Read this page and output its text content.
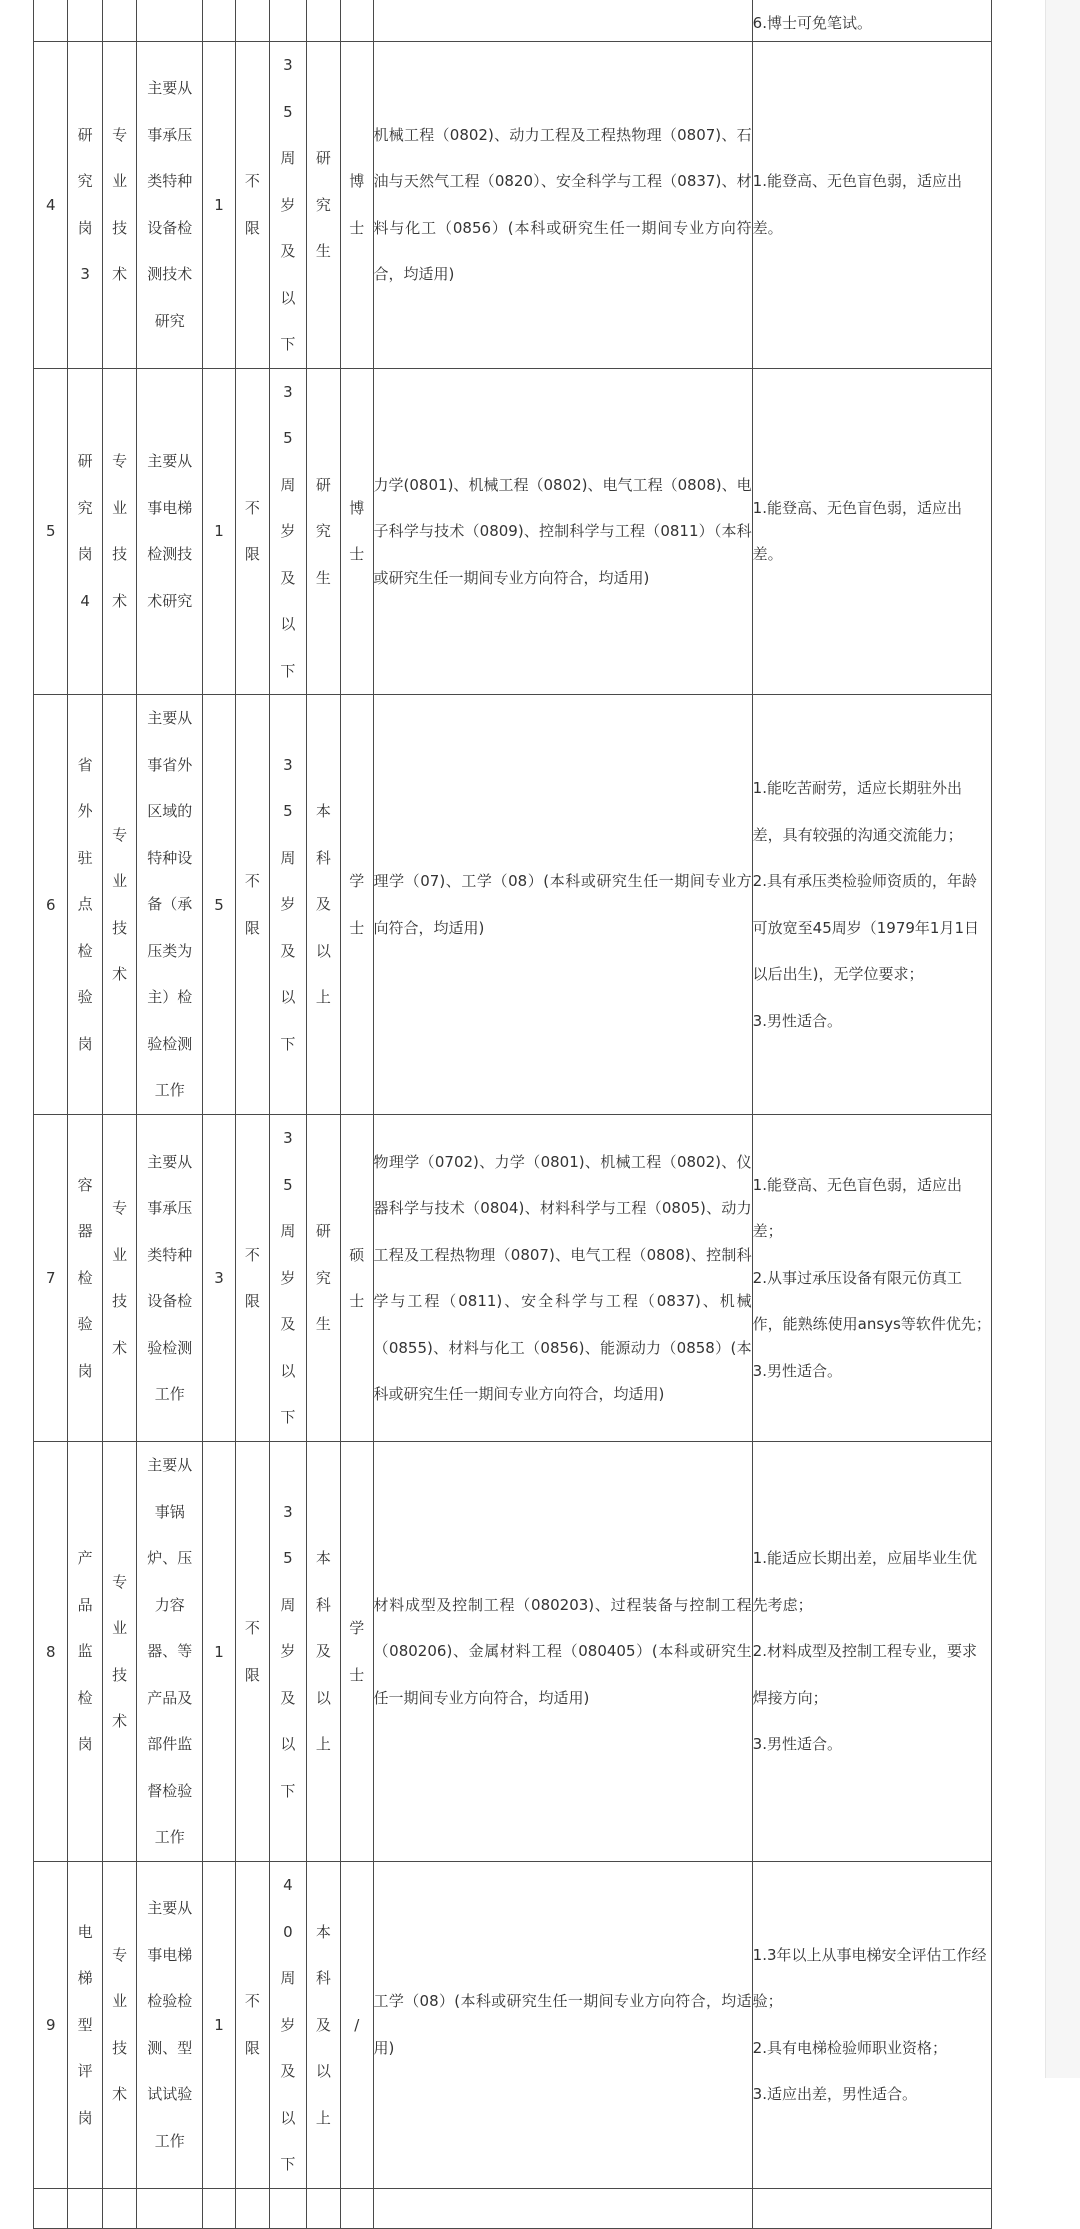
										6.博士可免笔试。
4	研究岗3	专业技术	主要从事承压类特种设备检测技术研究	1	不限	35周岁及以下	研究生	博士	机械工程（0802)、动力工程及工程热物理（0807)、石油与天然气工程（0820）、安全科学与工程（0837)、材料与化工（0856）(本科或研究生任一期间专业方向符合，均适用)	1.能登高、无色盲色弱，适应出差。

5	研究岗4	专业技术	主要从事电梯检测技术研究	1	不限	35周岁及以下	研究生	博士	力学(0801)、机械工程（0802)、电气工程（0808)、电子科学与技术（0809)、控制科学与工程（0811）（本科或研究生任一期间专业方向符合，均适用)	1.能登高、无色盲色弱，适应出差。

6	省外驻点检验岗	专业技术	主要从事省外区域的特种设备（承压类为主）检验检测工作	5	不限	35周岁及以下	本科及以上	学士	理学（07)、工学（08）(本科或研究生任一期间专业方向符合，均适用)	1.能吃苦耐劳，适应长期驻外出差，具有较强的沟通交流能力；
2.具有承压类检验师资质的，年龄可放宽至45周岁（1979年1月1日以后出生)，无学位要求；
3.男性适合。

7	容器检验岗	专业技术	主要从事承压类特种设备检验检测工作	3	不限	35周岁及以下	研究生	硕士	物理学（0702)、力学（0801)、机械工程（0802)、仪器科学与技术（0804)、材料科学与工程（0805)、动力工程及工程热物理（0807)、电气工程（0808)、控制科学与工程（0811)、安全科学与工程（0837)、机械（0855)、材料与化工（0856)、能源动力（0858）(本科或研究生任一期间专业方向符合，均适用)	1.能登高、无色盲色弱，适应出差；
2.从事过承压设备有限元仿真工作，能熟练使用ansys等软件优先；
3.男性适合。

8	产品监检岗	专业技术	主要从事锅炉、压力容器、等产品及部件监督检验工作	1	不限	35周岁及以下	本科及以上	学士	材料成型及控制工程（080203)、过程装备与控制工程（080206)、金属材料工程（080405）(本科或研究生任一期间专业方向符合，均适用)	1.能适应长期出差，应届毕业生优先考虑；
2.材料成型及控制工程专业，要求焊接方向；
3.男性适合。

9	电梯型评岗	专业技术	主要从事电梯检验检测、型试试验工作	1	不限	40周岁及以下	本科及以上	/	工学（08）(本科或研究生任一期间专业方向符合，均适用)	1.3年以上从事电梯安全评估工作经验；
2.具有电梯检验师职业资格；
3.适应出差，男性适合。
